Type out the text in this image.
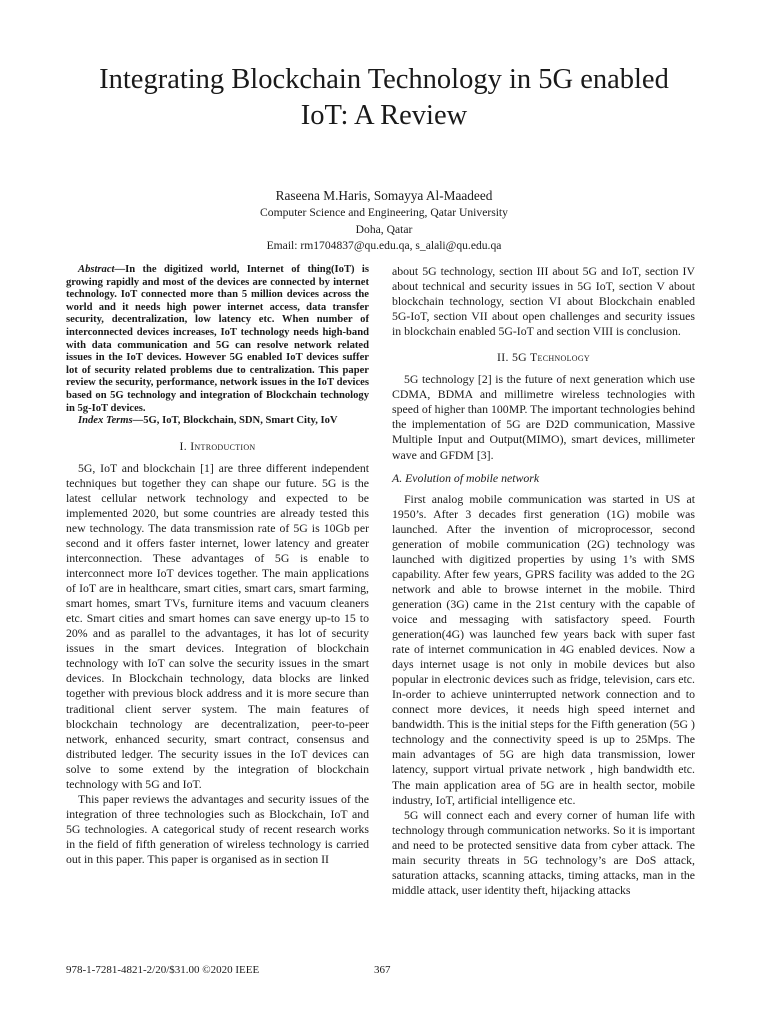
Integrating Blockchain Technology in 5G enabled
IoT: A Review
Raseena M.Haris, Somayya Al-Maadeed
Computer Science and Engineering, Qatar University
Doha, Qatar
Email: rm1704837@qu.edu.qa, s_alali@qu.edu.qa

Abstract—In the digitized world, Internet of thing(IoT) is growing rapidly and most of the devices are connected by internet technology. IoT connected more than 5 million devices across the world and it needs high power internet access, data transfer security, decentralization, low latency etc. When number of interconnected devices increases, IoT technology needs high-band with data communication and 5G can resolve network related issues in the IoT devices. However 5G enabled IoT devices suffer lot of security related problems due to centralization. This paper review the security, performance, network issues in the IoT devices based on 5G technology and integration of Blockchain technology in 5g-IoT devices.

Index Terms—5G, IoT, Blockchain, SDN, Smart City, IoV

I. Introduction

5G, IoT and blockchain [1] are three different independent techniques but together they can shape our future. 5G is the latest cellular network technology and expected to be implemented 2020, but some countries are already tested this new technology. The data transmission rate of 5G is 10Gb per second and it offers faster internet, lower latency and greater interconnection. These advantages of 5G is enable to interconnect more IoT devices together. The main applications of IoT are in healthcare, smart cities, smart cars, smart farming, smart homes, smart TVs, furniture items and vacuum cleaners etc. Smart cities and smart homes can save energy up-to 15 to 20% and as parallel to the advantages, it has lot of security issues in the smart devices. Integration of blockchain technology with IoT can solve the security issues in the smart devices. In Blockchain technology, data blocks are linked together with previous block address and it is more secure than traditional client server system. The main features of blockchain technology are decentralization, peer-to-peer network, enhanced security, smart contract, consensus and distributed ledger. The security issues in the IoT devices can solve to some extend by the integration of blockchain technology with 5G and IoT.

This paper reviews the advantages and security issues of the integration of three technologies such as Blockchain, IoT and 5G technologies. A categorical study of recent research works in the field of fifth generation of wireless technology is carried out in this paper. This paper is organised as in section II

about 5G technology, section III about 5G and IoT, section IV about technical and security issues in 5G IoT, section V about blockchain technology, section VI about Blockchain enabled 5G-IoT, section VII about open challenges and security issues in blockchain enabled 5G-IoT and section VIII is conclusion.

II. 5G Technology

5G technology [2] is the future of next generation which use CDMA, BDMA and millimetre wireless technologies with speed of higher than 100MP. The important technologies behind the implementation of 5G are D2D communication, Massive Multiple Input and Output(MIMO), smart devices, millimeter wave and GFDM [3].

A. Evolution of mobile network

First analog mobile communication was started in US at 1950’s. After 3 decades first generation (1G) mobile was launched. After the invention of microprocessor, second generation of mobile communication (2G) technology was launched with digitized properties by using 1’s with SMS capability. After few years, GPRS facility was added to the 2G network and able to browse internet in the mobile. Third generation (3G) came in the 21st century with the capable of voice and messaging with satisfactory speed. Fourth generation(4G) was launched few years back with super fast rate of internet communication in 4G enabled devices. Now a days internet usage is not only in mobile devices but also popular in electronic devices such as fridge, television, cars etc. In-order to achieve uninterrupted network connection and to connect more devices, it needs high speed internet and bandwidth. This is the initial steps for the Fifth generation (5G ) technology and the connectivity speed is up to 25Mps. The main advantages of 5G are high data transmission, lower latency, support virtual private network , high bandwidth etc. The main application area of 5G are in health sector, mobile industry, IoT, artificial intelligence etc.

5G will connect each and every corner of human life with technology through communication networks. So it is important and need to be protected sensitive data from cyber attack. The main security threats in 5G technology’s are DoS attack, saturation attacks, scanning attacks, timing attacks, man in the middle attack, user identity theft, hijacking attacks

978-1-7281-4821-2/20/$31.00 ©2020 IEEE	367
